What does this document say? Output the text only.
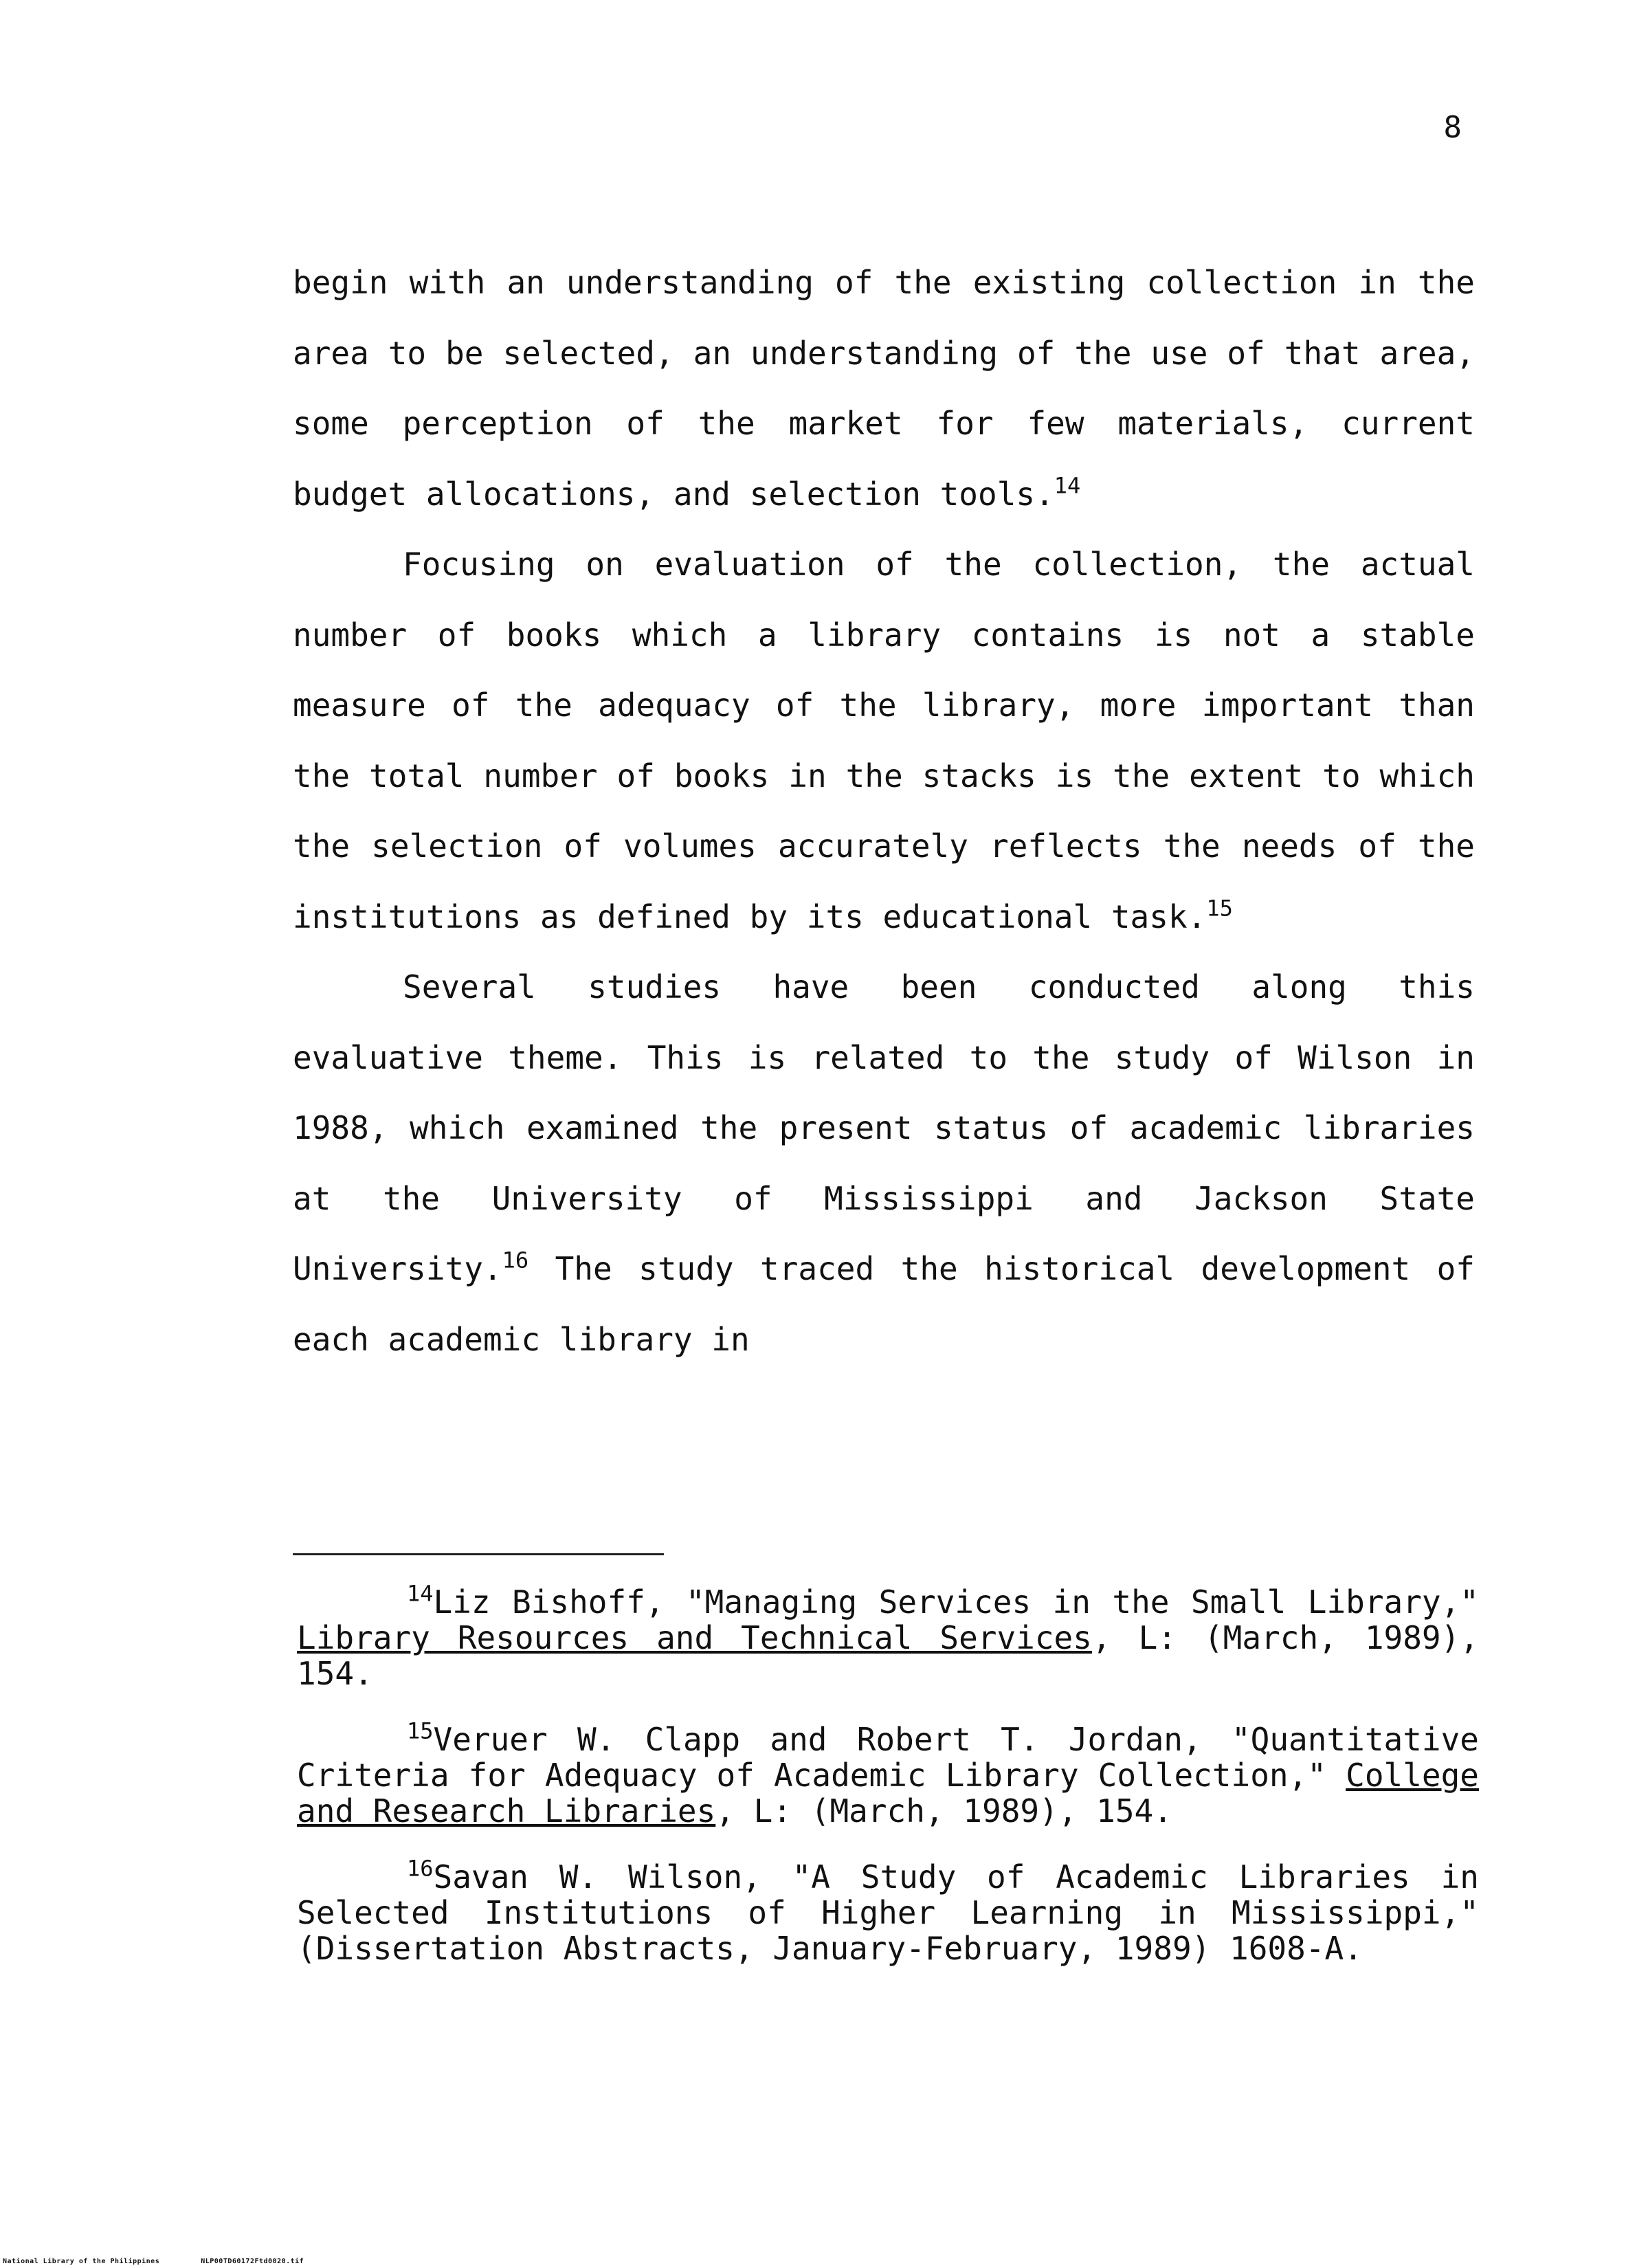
8

begin with an understanding of the existing collection in the area to be selected, an understanding of the use of that area, some perception of the market for few materials, current budget allocations, and selection tools.$^{14}$

Focusing on evaluation of the collection, the actual number of books which a library contains is not a stable measure of the adequacy of the library, more important than the total number of books in the stacks is the extent to which the selection of volumes accurately reflects the needs of the institutions as defined by its educational task.$^{15}$

Several studies have been conducted along this evaluative theme. This is related to the study of Wilson in 1988, which examined the present status of academic libraries at the University of Mississippi and Jackson State University.$^{16}$ The study traced the historical development of each academic library in

$^{14}$Liz Bishoff, "Managing Services in the Small Library," Library Resources and Technical Services, L: (March, 1989), 154.

$^{15}$Veruer W. Clapp and Robert T. Jordan, "Quantitative Criteria for Adequacy of Academic Library Collection," College and Research Libraries, L: (March, 1989), 154.

$^{16}$Savan W. Wilson, "A Study of Academic Libraries in Selected Institutions of Higher Learning in Mississippi," (Dissertation Abstracts, January-February, 1989) 1608-A.

National Library of the Philippines	NLP00TD60172Ftd0020.tif
